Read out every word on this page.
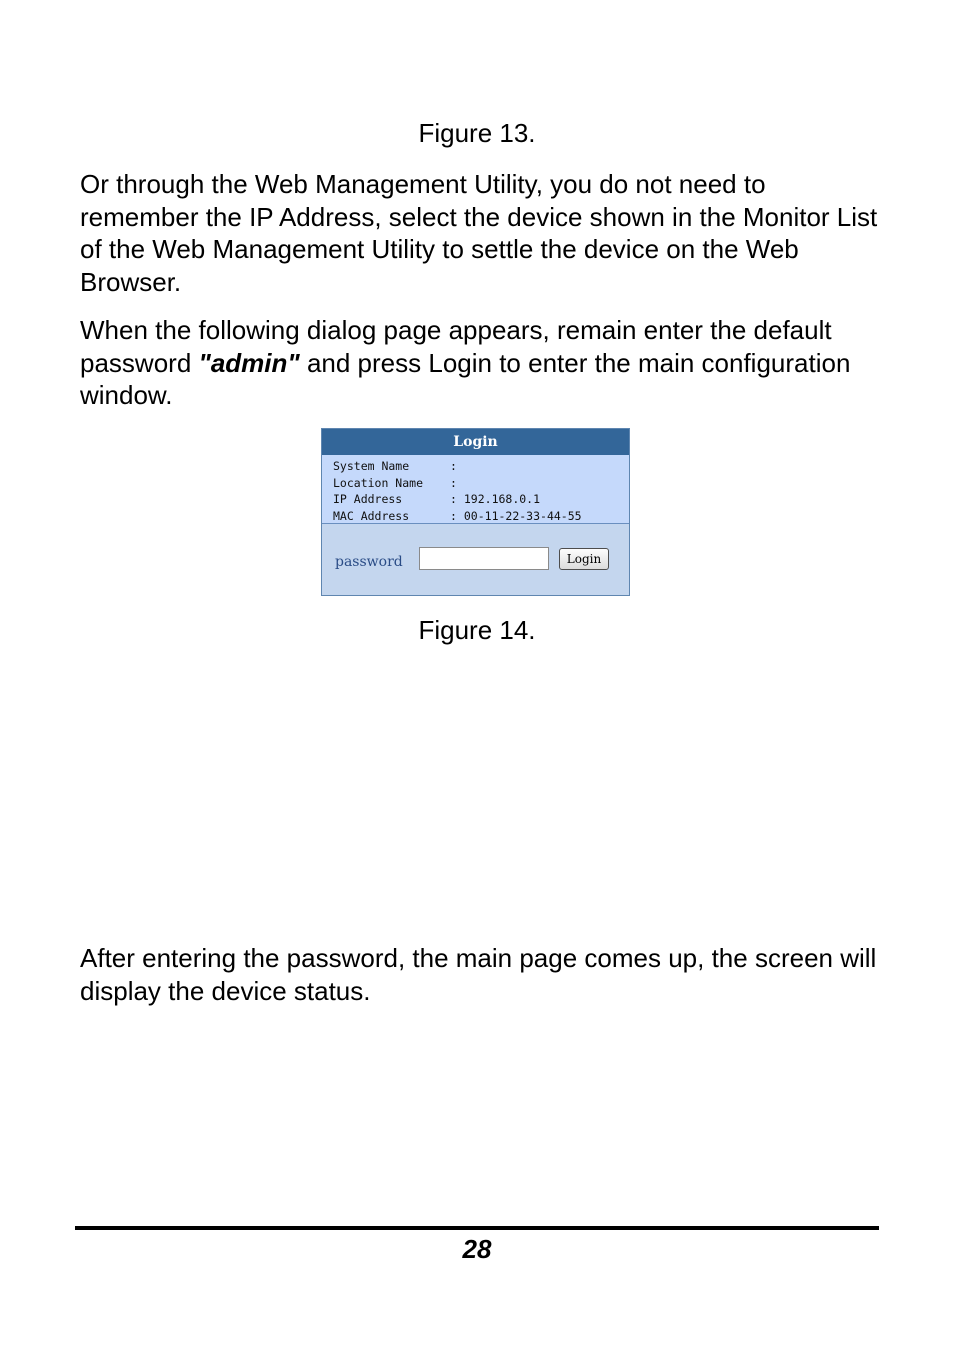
Figure 13.

Or through the Web Management Utility, you do not need to remember the IP Address, select the device shown in the Monitor List of the Web Management Utility to settle the device on the Web Browser.

When the following dialog page appears, remain enter the default password "admin" and press Login to enter the main configuration window.

Login
System Name	:
Location Name :
IP Address	: 192.168.0.1
MAC Address	: 00-11-22-33-44-55
password	Login
Figure 14.

After entering the password, the main page comes up, the screen will display the device status.

28
